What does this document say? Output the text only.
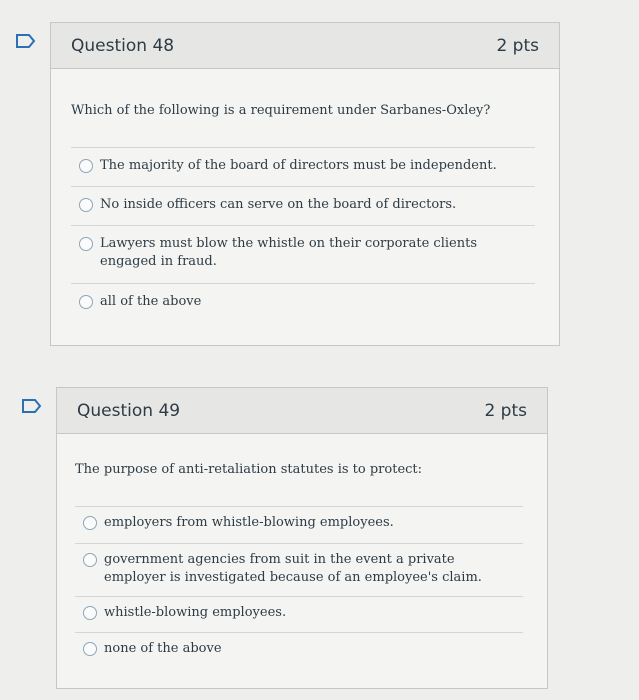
Question 48	2 pts
Which of the following is a requirement under Sarbanes-Oxley?
The majority of the board of directors must be independent.
No inside officers can serve on the board of directors.
Lawyers must blow the whistle on their corporate clients engaged in fraud.
all of the above
Question 49	2 pts
The purpose of anti-retaliation statutes is to protect:
employers from whistle-blowing employees.
government agencies from suit in the event a private employer is investigated because of an employee's claim.
whistle-blowing employees.
none of the above
